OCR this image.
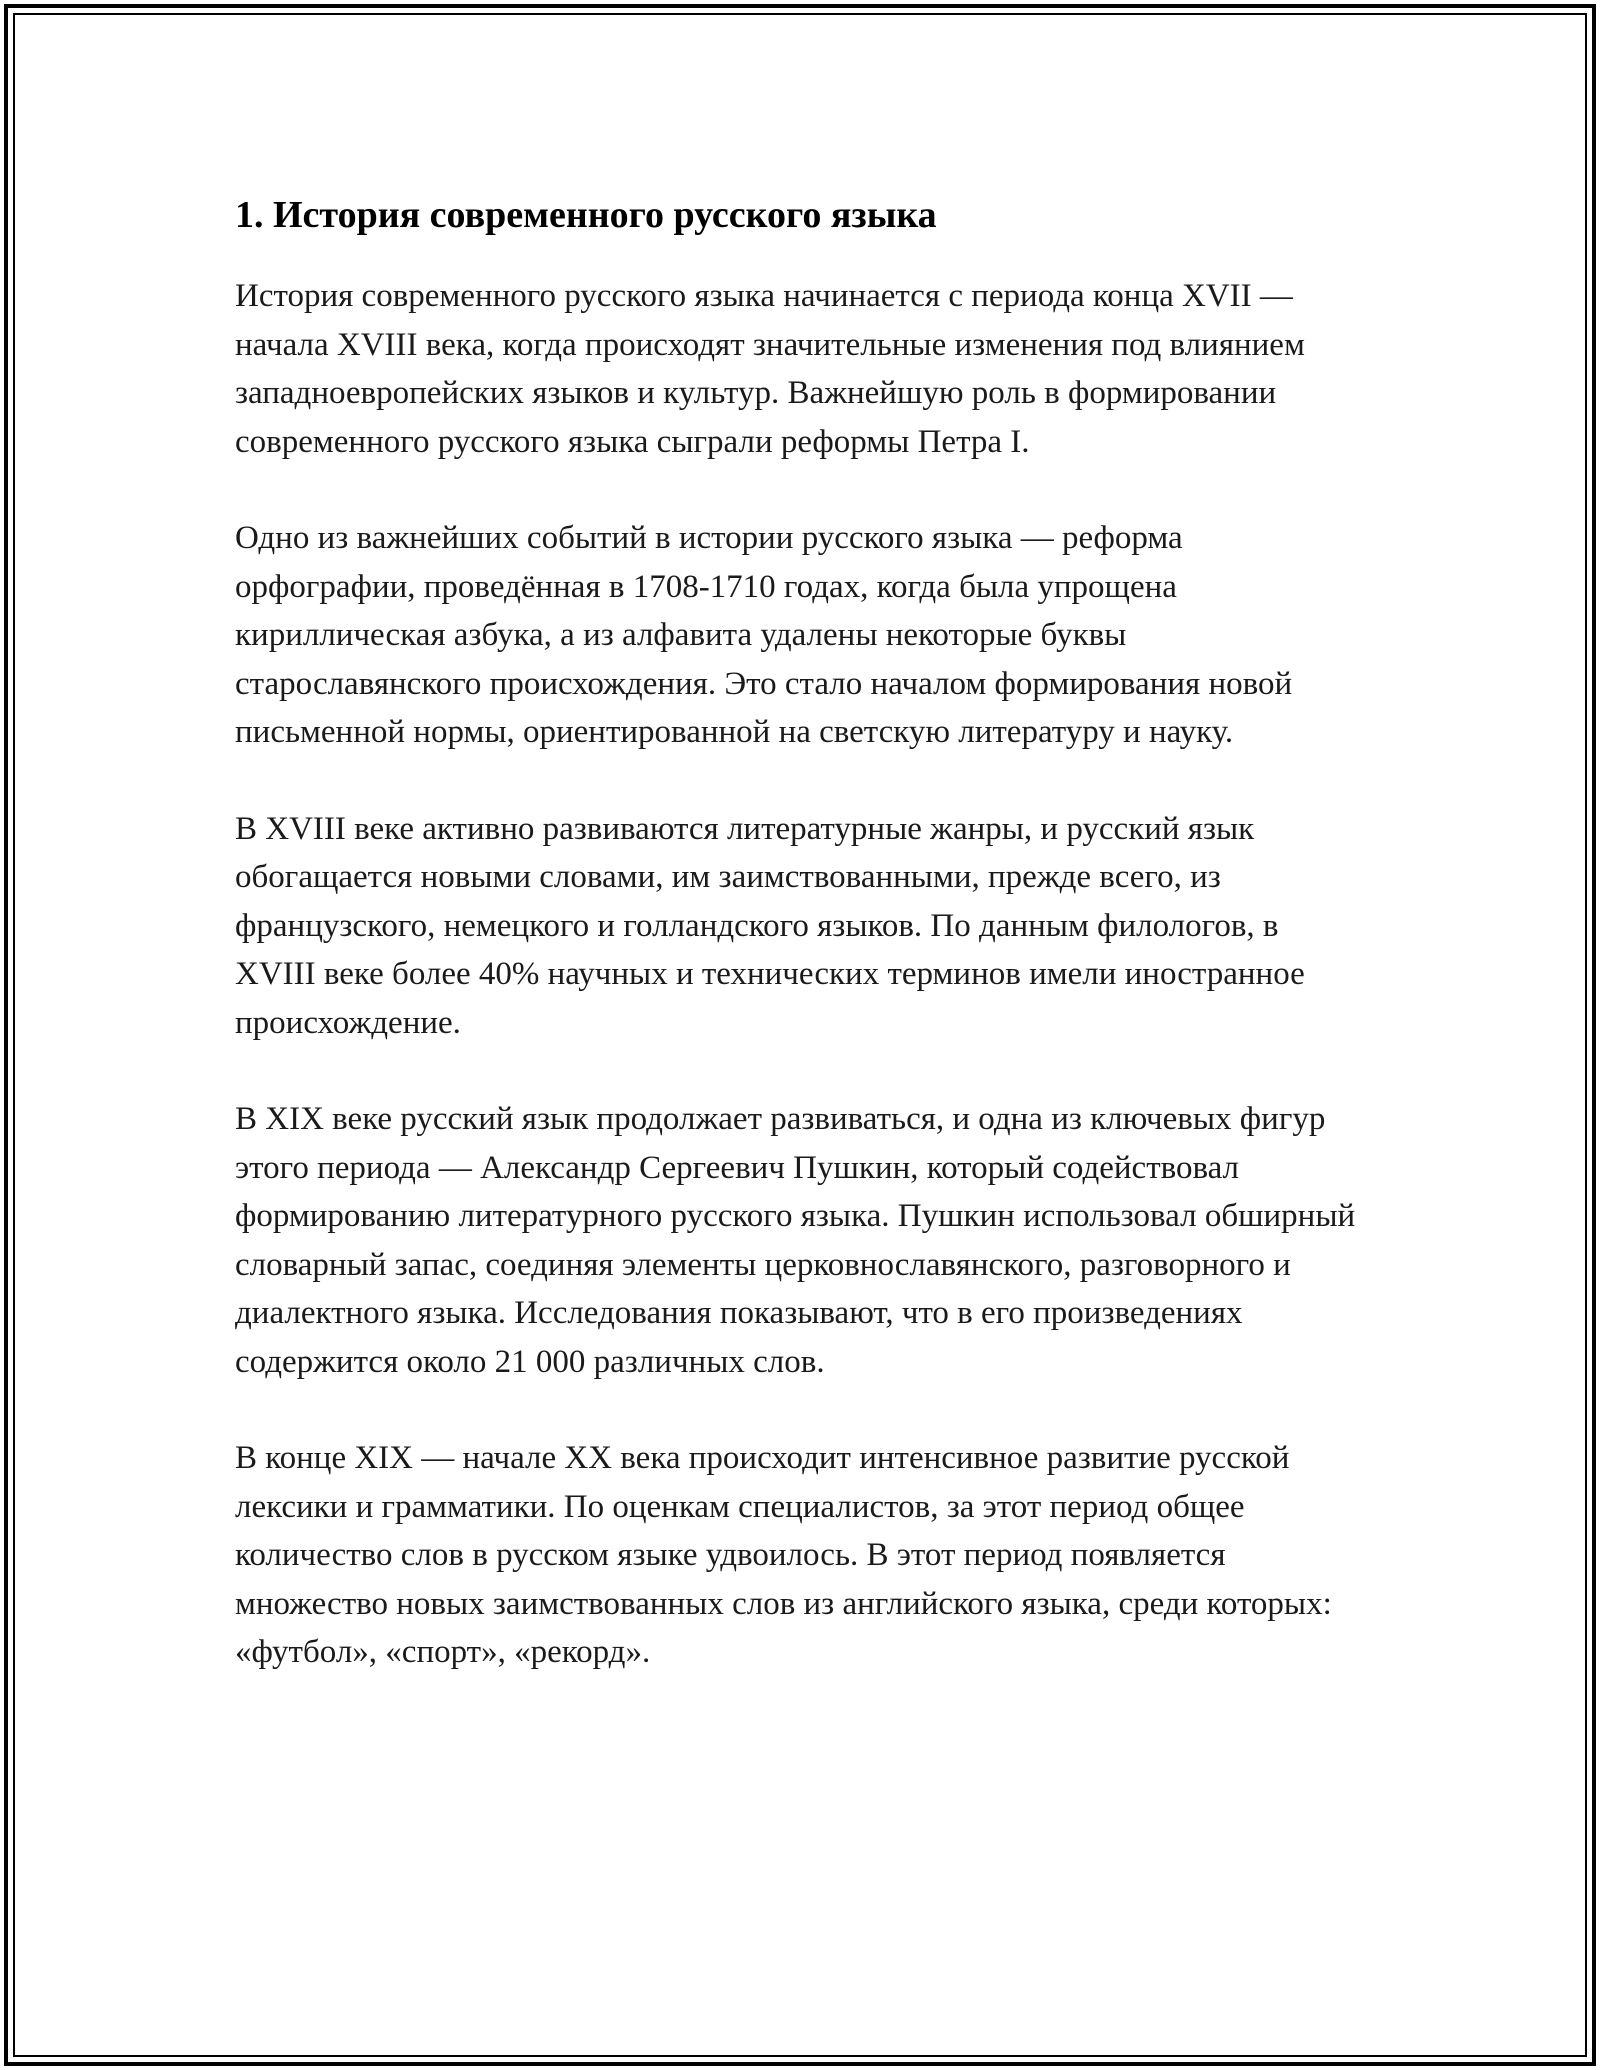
1. История современного русского языка

История современного русского языка начинается с периода конца XVII — начала XVIII века, когда происходят значительные изменения под влиянием западноевропейских языков и культур. Важнейшую роль в формировании современного русского языка сыграли реформы Петра I.

Одно из важнейших событий в истории русского языка — реформа орфографии, проведённая в 1708-1710 годах, когда была упрощена кириллическая азбука, а из алфавита удалены некоторые буквы старославянского происхождения. Это стало началом формирования новой письменной нормы, ориентированной на светскую литературу и науку.

В XVIII веке активно развиваются литературные жанры, и русский язык обогащается новыми словами, им заимствованными, прежде всего, из французского, немецкого и голландского языков. По данным филологов, в XVIII веке более 40% научных и технических терминов имели иностранное происхождение.

В XIX веке русский язык продолжает развиваться, и одна из ключевых фигур этого периода — Александр Сергеевич Пушкин, который содействовал формированию литературного русского языка. Пушкин использовал обширный словарный запас, соединяя элементы церковнославянского, разговорного и диалектного языка. Исследования показывают, что в его произведениях содержится около 21 000 различных слов.

В конце XIX — начале XX века происходит интенсивное развитие русской лексики и грамматики. По оценкам специалистов, за этот период общее количество слов в русском языке удвоилось. В этот период появляется множество новых заимствованных слов из английского языка, среди которых: «футбол», «спорт», «рекорд».
